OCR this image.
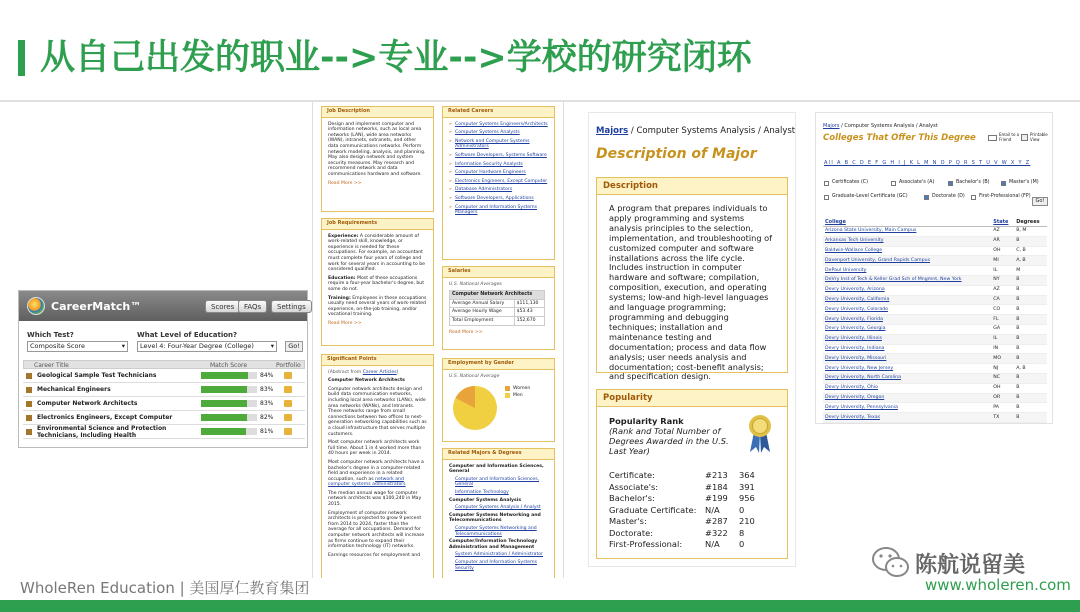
从自己出发的职业-->专业-->学校的研究闭环
CareerMatch™	Scores	FAQs	Settings
Which Test?	What Level of Education?
Composite Score	▾	Level 4: Four-Year Degree (College)	▾	Go!
Career Title	Match Score	Portfolio
Geological Sample Test Technicians	84%
Mechanical Engineers	83%
Computer Network Architects	83%
Electronics Engineers, Except Computer	82%
Environmental Science and Protection Technicians, Including Health	81%
Job Description

Design and implement computer and information networks, such as local area networks (LAN), wide area networks (WAN), intranets, extranets, and other data communications networks. Perform network modeling, analysis, and planning. May also design network and system security measures. May research and recommend network and data communications hardware and software.

Read More >>

Job Requirements

Experience: A considerable amount of work-related skill, knowledge, or experience is needed for these occupations. For example, an accountant must complete four years of college and work for several years in accounting to be considered qualified.

Education: Most of these occupations require a four-year bachelor's degree, but some do not.

Training: Employees in these occupations usually need several years of work-related experience, on-the-job training, and/or vocational training.

Read More >>

Significant Points

(Abstract from Career Articles)

Computer Network Architects

Computer network architects design and build data communication networks, including local area networks (LANs), wide area networks (WANs), and Intranets. These networks range from small connections between two offices to next-generation networking capabilities such as a cloud infrastructure that serves multiple customers.

Most computer network architects work full time. About 1 in 4 worked more than 40 hours per week in 2014.

Most computer network architects have a bachelor's degree in a computer-related field and experience in a related occupation, such as network and computer systems administrators

The median annual wage for computer network architects was $100,240 in May 2015.

Employment of computer network architects is projected to grow 9 percent from 2014 to 2024, faster than the average for all occupations. Demand for computer network architects will increase as firms continue to expand their information technology (IT) networks.

Earnings resources for employment and

Related Careers
» Computer Systems Engineers/Architects
» Computer Systems Analysts
» Network and Computer Systems Administrators
» Software Developers, Systems Software
» Information Security Analysts
» Computer Hardware Engineers
» Electronics Engineers, Except Computer
» Database Administrators
» Software Developers, Applications
» Computer and Information Systems Managers
Salaries

U.S. National Averages

Computer Network Architects	
Average Annual Salary	$111,130
Average Hourly Wage	$53.43
Total Employment	152,670

Read More >>

Employment by Gender

U.S. National Average

Women
Men
Related Majors & Degrees

Computer and Information Sciences, General

Computer and Information Sciences, General

Information Technology

Computer Systems Analysis

Computer Systems Analysis / Analyst

Computer Systems Networking and Telecommunications

Computer Systems Networking and Telecommunications

Computer/Information Technology Administration and Management

System Administration / Administrator

Computer and Information Systems Security

Majors / Computer Systems Analysis / Analyst
Description of Major
Description
A program that prepares individuals to apply programming and systems analysis principles to the selection, implementation, and troubleshooting of customized computer and software installations across the life cycle. Includes instruction in computer hardware and software; compilation, composition, execution, and operating systems; low-and high-level languages and language programming; programming and debugging techniques; installation and maintenance testing and documentation; process and data flow analysis; user needs analysis and documentation; cost-benefit analysis; and specification design.
Popularity
Popularity Rank
(Rank and Total Number of Degrees Awarded in the U.S. Last Year)
Certificate:	#213	364
Associate's:	#184	391
Bachelor's:	#199	956
Graduate Certificate:	N/A	0
Master's:	#287	210
Doctorate:	#322	8
First-Professional:	N/A	0
Majors / Computer Systems Analysis / Analyst
Colleges That Offer This Degree	Email to a Friend
Printable View
All A B C D E F G H I J K L M N O P Q R S T U V W X Y Z
Certificates (C)	Associate's (A)	Bachelor's (B)	Master's (M)
Graduate-Level Certificate (GC)	Doctorate (D)	First-Professional (FP)
Go!
College	State	Degrees
Arizona State University, Main Campus	AZ	B, M
Arkansas Tech University	AR	B
Baldwin-Wallace College	OH	C, B
Davenport University, Grand Rapids Campus	MI	A, B
DePaul University	IL	M
DeVry Inst of Tech & Keller Grad Sch of Mngmnt, New York	NY	B
Devry University, Arizona	AZ	B
Devry University, California	CA	B
Devry University, Colorado	CO	B
Devry University, Florida	FL	B
Devry University, Georgia	GA	B
Devry University, Illinois	IL	B
Devry University, Indiana	IN	B
Devry University, Missouri	MO	B
Devry University, New Jersey	NJ	A, B
Devry University, North Carolina	NC	B
Devry University, Ohio	OH	B
Devry University, Oregon	OR	B
Devry University, Pennsylvania	PA	B
Devry University, Texas	TX	B
WholeRen Education | 美国厚仁教育集团
陈航说留美
www.wholeren.com
